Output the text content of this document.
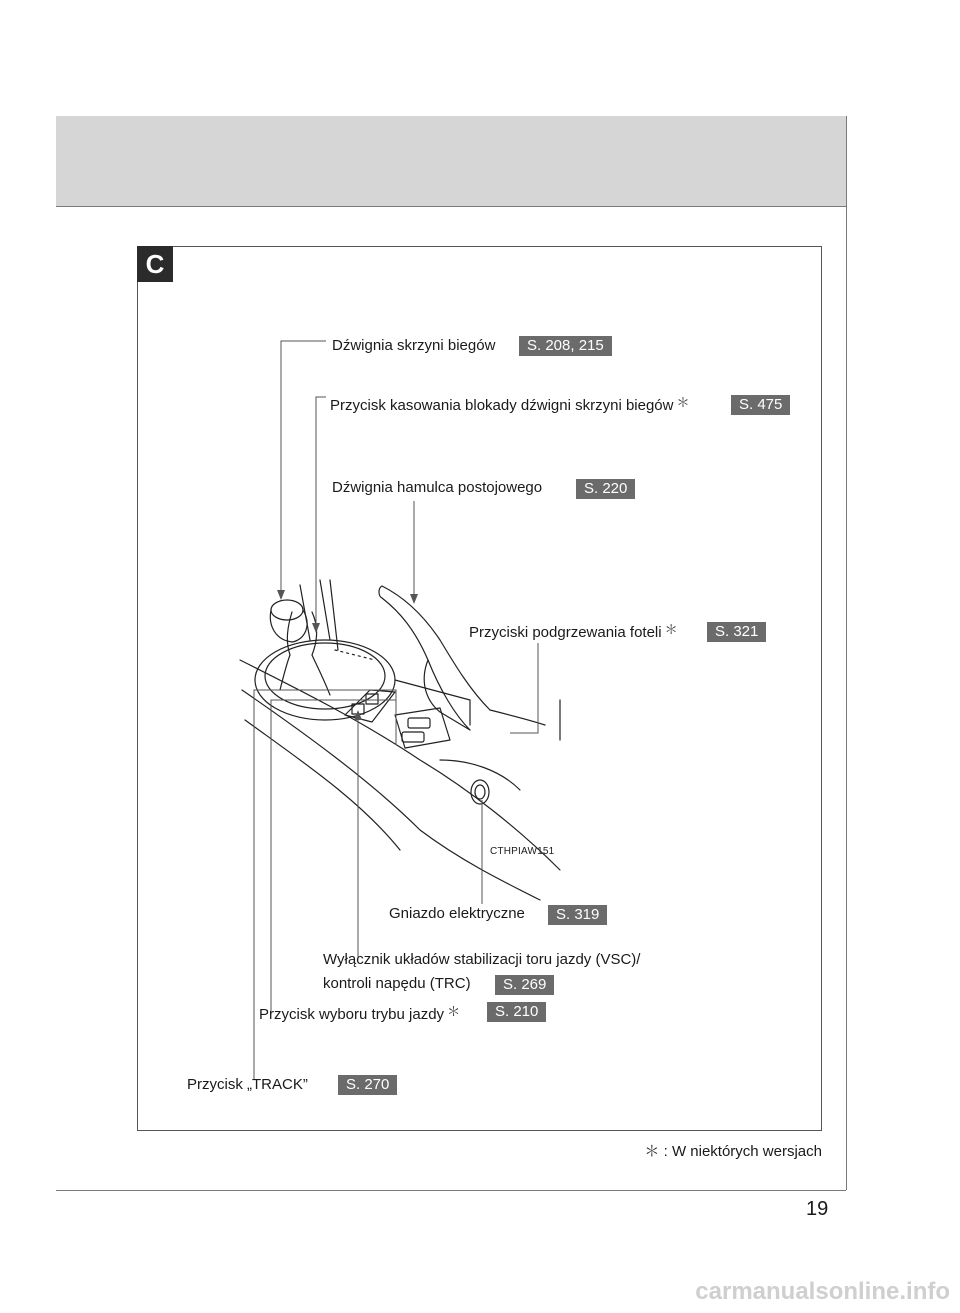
C
Dźwignia skrzyni biegów	S. 208, 215
Przycisk kasowania blokady dźwigni skrzyni biegów ＊	S. 475
Dźwignia hamulca postojowego	S. 220
Przyciski podgrzewania foteli ＊	S. 321
CTHPIAW151
Gniazdo elektryczne	S. 319
Wyłącznik układów stabilizacji toru jazdy (VSC)/
kontroli napędu (TRC)	S. 269
Przycisk wyboru trybu jazdy ＊	S. 210
Przycisk „TRACK”	S. 270
＊ : W niektórych wersjach
19
carmanualsonline.info
